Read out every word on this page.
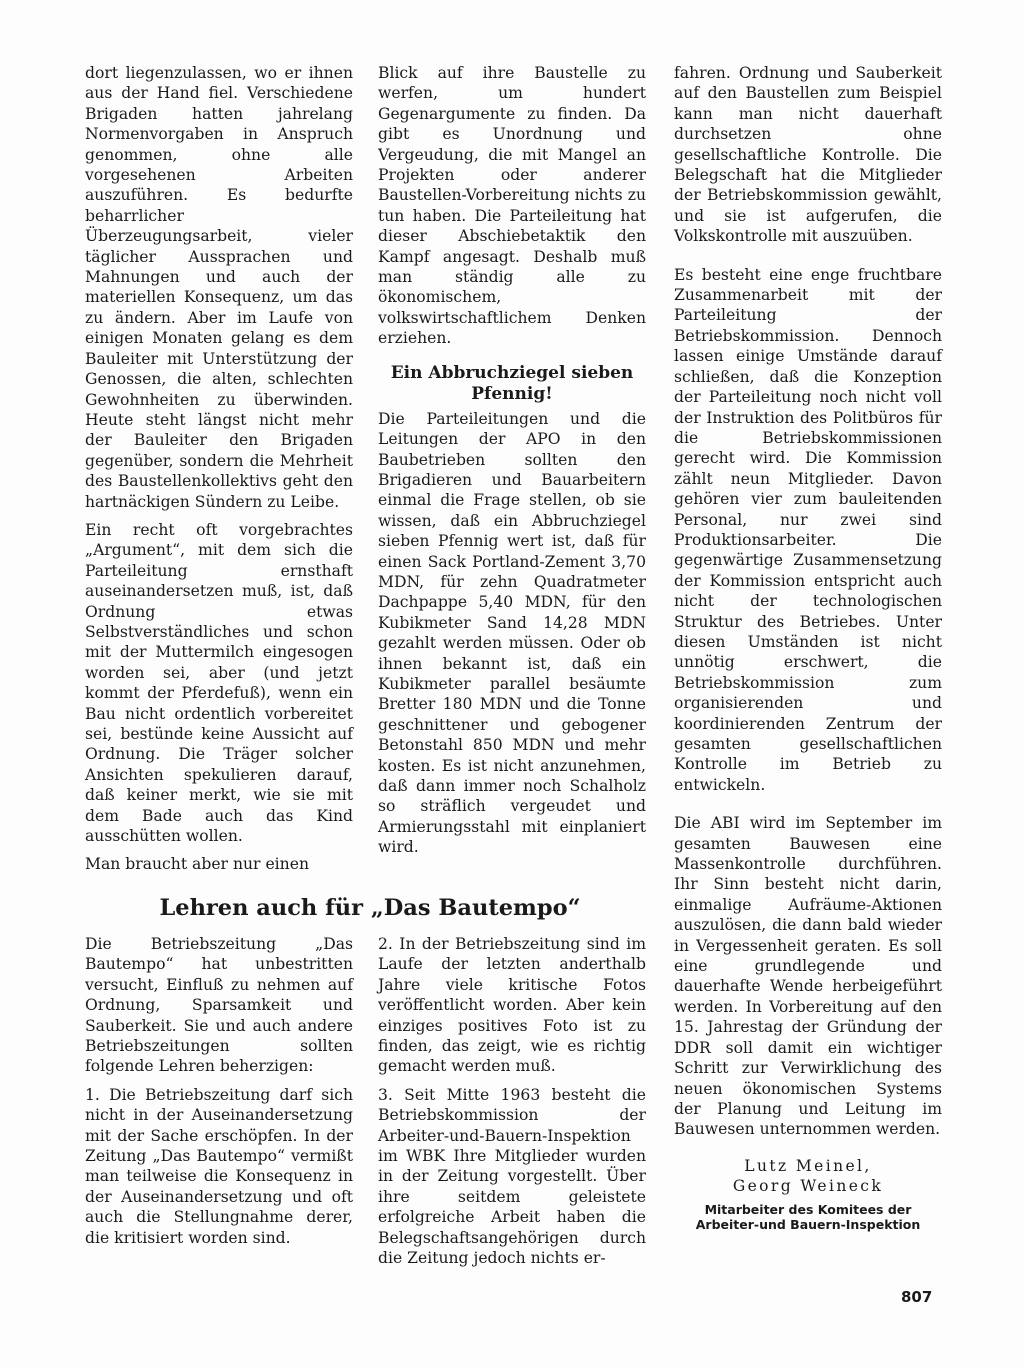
dort liegenzulassen, wo er ihnen aus der Hand fiel. Verschiedene Brigaden hatten jahrelang Normenvorgaben in Anspruch genommen, ohne alle vorgesehenen Arbeiten auszuführen. Es bedurfte beharrlicher Überzeugungsarbeit, vieler täglicher Aussprachen und Mahnungen und auch der materiellen Konsequenz, um das zu ändern. Aber im Laufe von einigen Monaten gelang es dem Bauleiter mit Unterstützung der Genossen, die alten, schlechten Gewohnheiten zu überwinden. Heute steht längst nicht mehr der Bauleiter den Brigaden gegenüber, sondern die Mehrheit des Baustellenkollektivs geht den hartnäckigen Sündern zu Leibe.

Ein recht oft vorgebrachtes „Argument“, mit dem sich die Parteileitung ernsthaft auseinandersetzen muß, ist, daß Ordnung etwas Selbstverständliches und schon mit der Muttermilch eingesogen worden sei, aber (und jetzt kommt der Pferdefuß), wenn ein Bau nicht ordentlich vorbereitet sei, bestünde keine Aussicht auf Ordnung. Die Träger solcher Ansichten spekulieren darauf, daß keiner merkt, wie sie mit dem Bade auch das Kind ausschütten wollen.

Man braucht aber nur einen

Blick auf ihre Baustelle zu werfen, um hundert Gegenargumente zu finden. Da gibt es Unordnung und Vergeudung, die mit Mangel an Projekten oder anderer Baustellen-Vorbereitung nichts zu tun haben. Die Parteileitung hat dieser Abschiebetaktik den Kampf angesagt. Deshalb muß man ständig alle zu ökonomischem, volkswirtschaftlichem Denken erziehen.

Ein Abbruchziegel sieben Pfennig!

Die Parteileitungen und die Leitungen der APO in den Baubetrieben sollten den Brigadieren und Bauarbeitern einmal die Frage stellen, ob sie wissen, daß ein Abbruchziegel sieben Pfennig wert ist, daß für einen Sack Portland-Zement 3,70 MDN, für zehn Quadratmeter Dachpappe 5,40 MDN, für den Kubikmeter Sand 14,28 MDN gezahlt werden müssen. Oder ob ihnen bekannt ist, daß ein Kubikmeter parallel besäumte Bretter 180 MDN und die Tonne geschnittener und gebogener Betonstahl 850 MDN und mehr kosten. Es ist nicht anzunehmen, daß dann immer noch Schalholz so sträflich vergeudet und Armierungsstahl mit einplaniert wird.

Lehren auch für „Das Bautempo“

Die Betriebszeitung „Das Bautempo“ hat unbestritten versucht, Einfluß zu nehmen auf Ordnung, Sparsamkeit und Sauberkeit. Sie und auch andere Betriebszeitungen sollten folgende Lehren beherzigen:

1. Die Betriebszeitung darf sich nicht in der Auseinandersetzung mit der Sache erschöpfen. In der Zeitung „Das Bautempo“ vermißt man teilweise die Konsequenz in der Auseinandersetzung und oft auch die Stellungnahme derer, die kritisiert worden sind.

2. In der Betriebszeitung sind im Laufe der letzten anderthalb Jahre viele kritische Fotos veröffentlicht worden. Aber kein einziges positives Foto ist zu finden, das zeigt, wie es richtig gemacht werden muß.

3. Seit Mitte 1963 besteht die Betriebskommission der Arbeiter-und-Bauern-Inspektion im WBK Ihre Mitglieder wurden in der Zeitung vorgestellt. Über ihre seitdem geleistete erfolgreiche Arbeit haben die Belegschaftsangehörigen durch die Zeitung jedoch nichts er-

fahren. Ordnung und Sauberkeit auf den Baustellen zum Beispiel kann man nicht dauerhaft durchsetzen ohne gesellschaftliche Kontrolle. Die Belegschaft hat die Mitglieder der Betriebskommission gewählt, und sie ist aufgerufen, die Volkskontrolle mit auszuüben.

Es besteht eine enge fruchtbare Zusammenarbeit mit der Parteileitung der Betriebskommission. Dennoch lassen einige Umstände darauf schließen, daß die Konzeption der Parteileitung noch nicht voll der Instruktion des Politbüros für die Betriebskommissionen gerecht wird. Die Kommission zählt neun Mitglieder. Davon gehören vier zum bauleitenden Personal, nur zwei sind Produktionsarbeiter. Die gegenwärtige Zusammensetzung der Kommission entspricht auch nicht der technologischen Struktur des Betriebes. Unter diesen Umständen ist nicht unnötig erschwert, die Betriebskommission zum organisierenden und koordinierenden Zentrum der gesamten gesellschaftlichen Kontrolle im Betrieb zu entwickeln.

Die ABI wird im September im gesamten Bauwesen eine Massenkontrolle durchführen. Ihr Sinn besteht nicht darin, einmalige Aufräume-Aktionen auszulösen, die dann bald wieder in Vergessenheit geraten. Es soll eine grundlegende und dauerhafte Wende herbeigeführt werden. In Vorbereitung auf den 15. Jahrestag der Gründung der DDR soll damit ein wichtiger Schritt zur Verwirklichung des neuen ökonomischen Systems der Planung und Leitung im Bauwesen unternommen werden.

Lutz Meinel,
Georg Weineck
Mitarbeiter des Komitees der
Arbeiter-und Bauern-Inspektion
807
